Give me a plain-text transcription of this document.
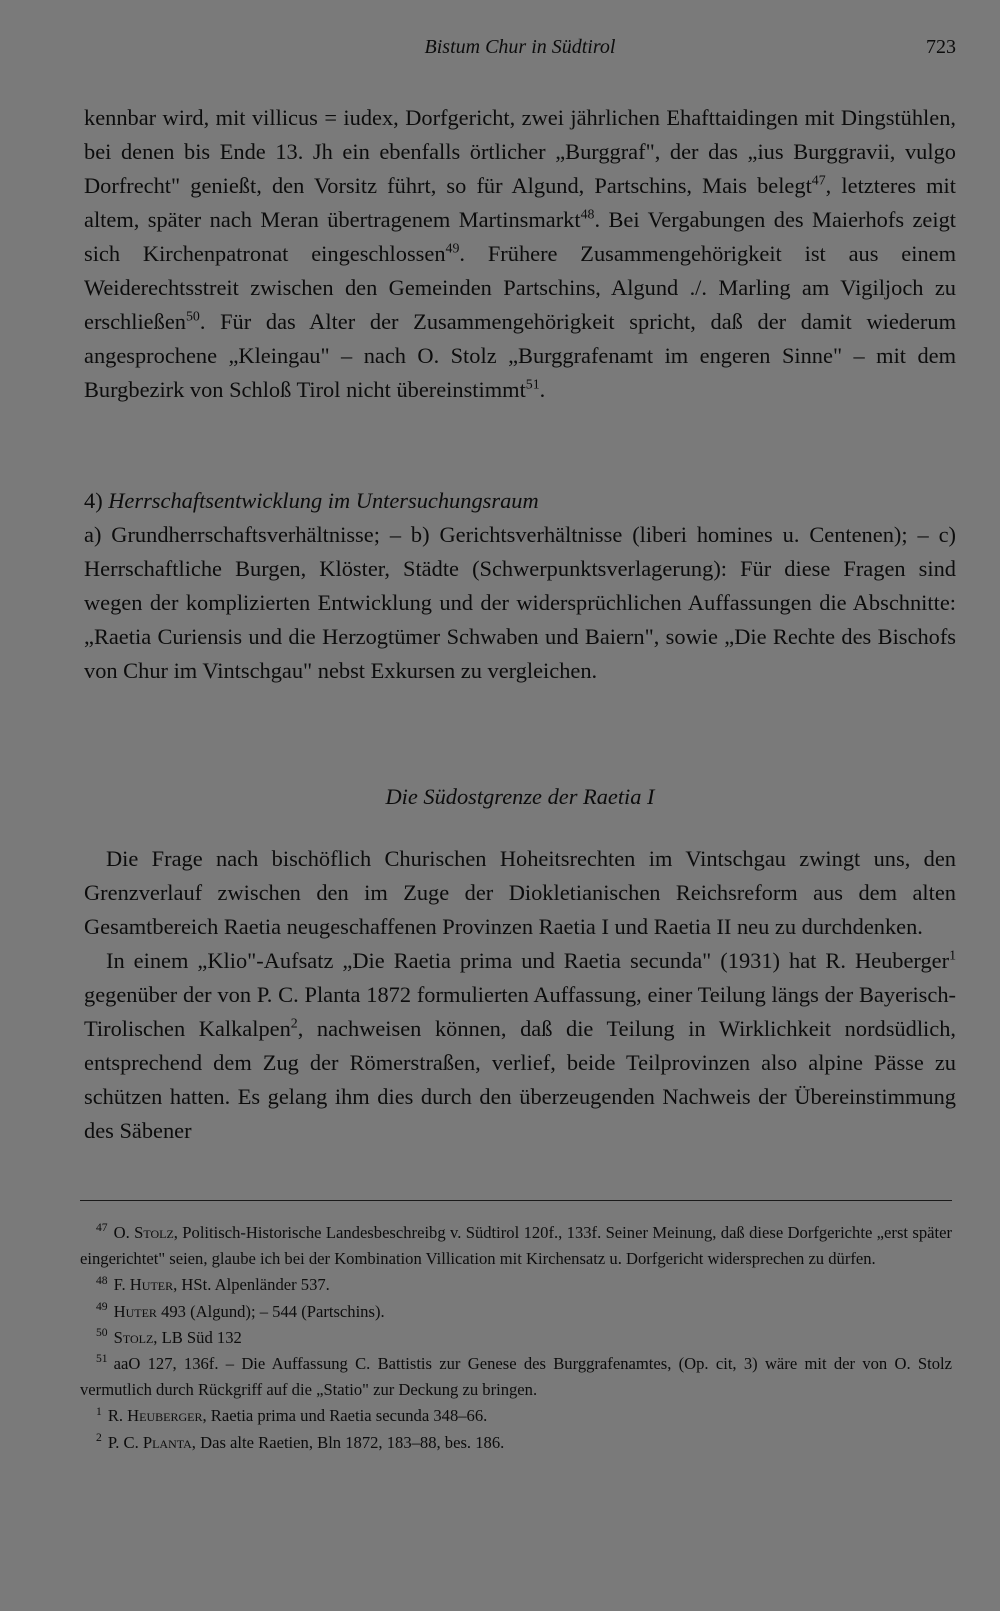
Bistum Chur in Südtirol	723

kennbar wird, mit villicus = iudex, Dorfgericht, zwei jährlichen Ehafttaidingen mit Dingstühlen, bei denen bis Ende 13. Jh ein ebenfalls örtlicher „Burggraf", der das „ius Burggravii, vulgo Dorfrecht" genießt, den Vorsitz führt, so für Algund, Partschins, Mais belegt$^{47}$, letzteres mit altem, später nach Meran übertragenem Martinsmarkt$^{48}$. Bei Vergabungen des Maierhofs zeigt sich Kirchenpatronat eingeschlossen$^{49}$. Frühere Zusammengehörigkeit ist aus einem Weiderechtsstreit zwischen den Gemeinden Partschins, Algund ./. Marling am Vigiljoch zu erschließen$^{50}$. Für das Alter der Zusammengehörigkeit spricht, daß der damit wiederum angesprochene „Kleingau" – nach O. Stolz „Burggrafenamt im engeren Sinne" – mit dem Burgbezirk von Schloß Tirol nicht übereinstimmt$^{51}$.

4) Herrschaftsentwicklung im Untersuchungsraum

a) Grundherrschaftsverhältnisse; – b) Gerichtsverhältnisse (liberi homines u. Centenen); – c) Herrschaftliche Burgen, Klöster, Städte (Schwerpunktsverlagerung): Für diese Fragen sind wegen der komplizierten Entwicklung und der widersprüchlichen Auffassungen die Abschnitte: „Raetia Curiensis und die Herzogtümer Schwaben und Baiern", sowie „Die Rechte des Bischofs von Chur im Vintschgau" nebst Exkursen zu vergleichen.

Die Südostgrenze der Raetia I

Die Frage nach bischöflich Churischen Hoheitsrechten im Vintschgau zwingt uns, den Grenzverlauf zwischen den im Zuge der Diokletianischen Reichsreform aus dem alten Gesamtbereich Raetia neugeschaffenen Provinzen Raetia I und Raetia II neu zu durchdenken.

In einem „Klio"-Aufsatz „Die Raetia prima und Raetia secunda" (1931) hat R. Heuberger$^1$ gegenüber der von P. C. Planta 1872 formulierten Auffassung, einer Teilung längs der Bayerisch-Tirolischen Kalkalpen$^2$, nachweisen können, daß die Teilung in Wirklichkeit nordsüdlich, entsprechend dem Zug der Römerstraßen, verlief, beide Teilprovinzen also alpine Pässe zu schützen hatten. Es gelang ihm dies durch den überzeugenden Nachweis der Übereinstimmung des Säbener

$^{47}$ O. Stolz, Politisch-Historische Landesbeschreibg v. Südtirol 120f., 133f. Seiner Meinung, daß diese Dorfgerichte „erst später eingerichtet" seien, glaube ich bei der Kombination Villication mit Kirchensatz u. Dorfgericht widersprechen zu dürfen.

$^{48}$ F. Huter, HSt. Alpenländer 537.

$^{49}$ Huter 493 (Algund); – 544 (Partschins).

$^{50}$ Stolz, LB Süd 132

$^{51}$ aaO 127, 136f. – Die Auffassung C. Battistis zur Genese des Burggrafenamtes, (Op. cit, 3) wäre mit der von O. Stolz vermutlich durch Rückgriff auf die „Statio" zur Deckung zu bringen.

$^1$ R. Heuberger, Raetia prima und Raetia secunda 348–66.

$^2$ P. C. Planta, Das alte Raetien, Bln 1872, 183–88, bes. 186.
